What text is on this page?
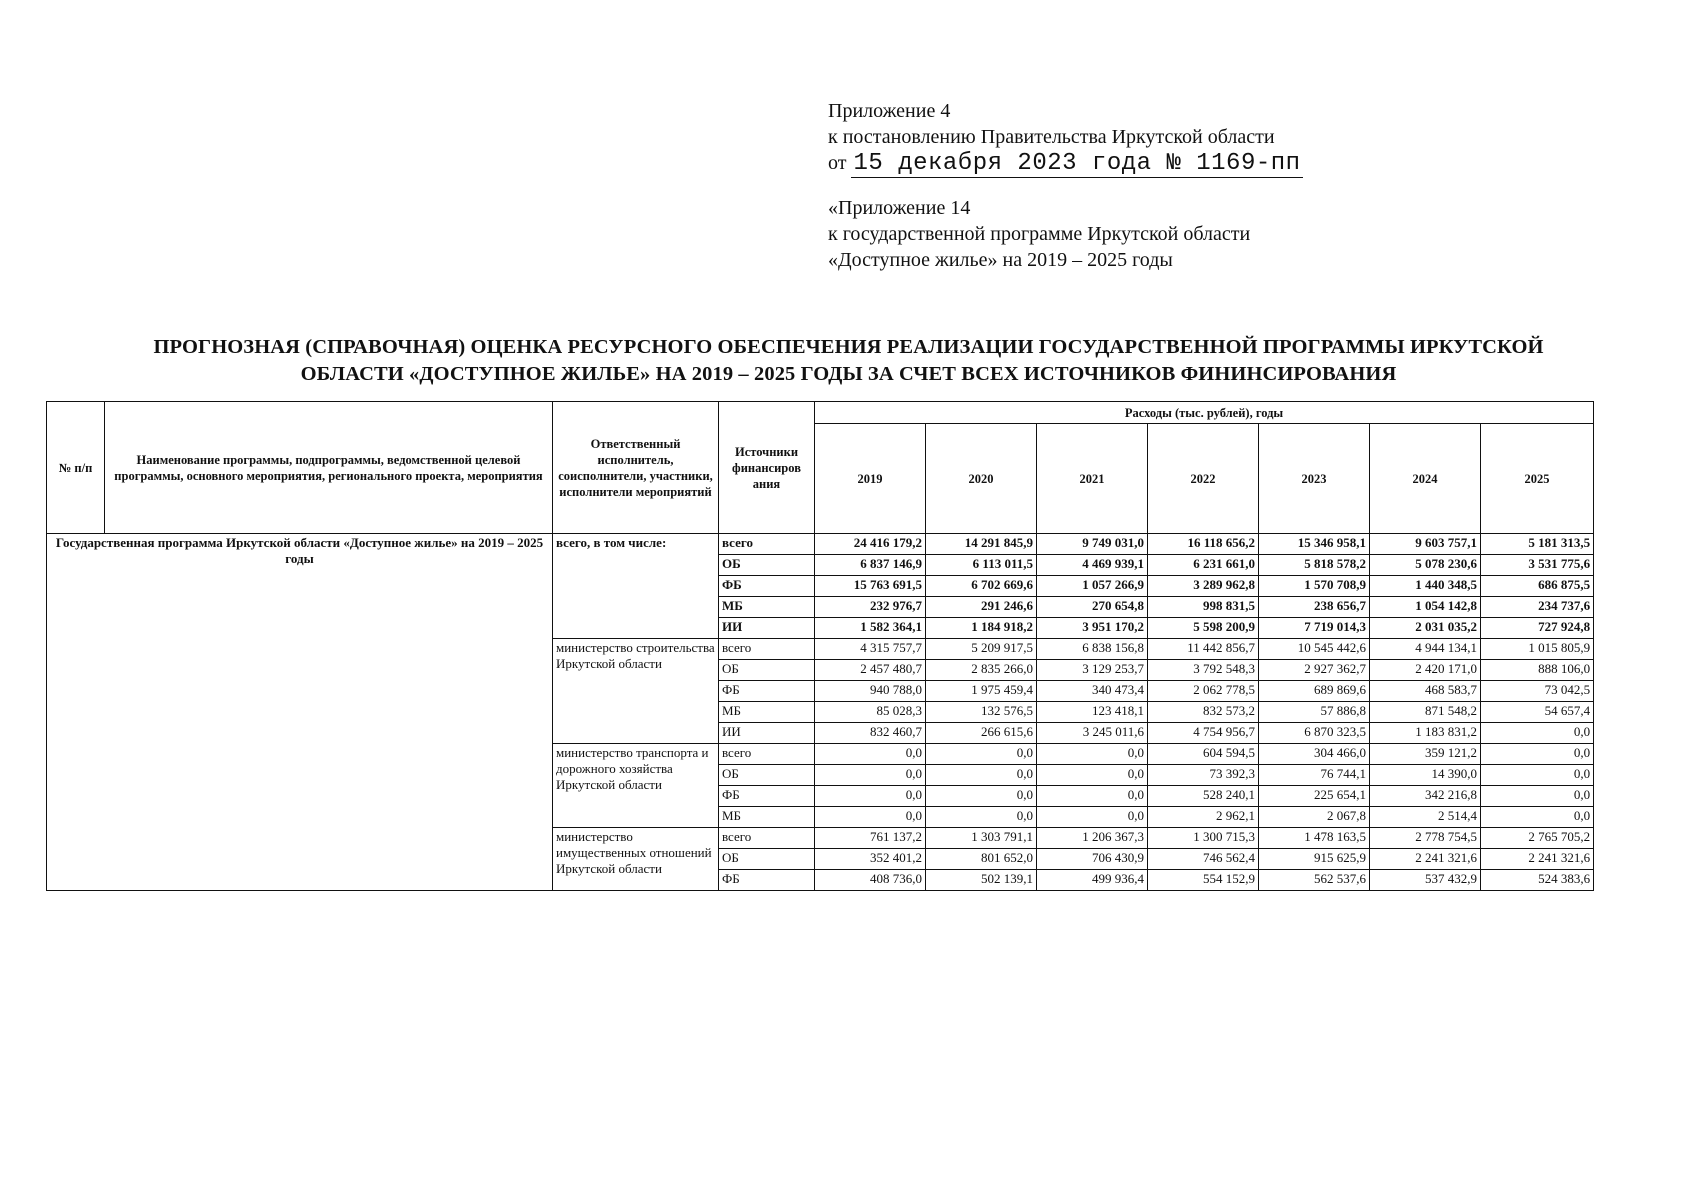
Приложение 4
к постановлению Правительства Иркутской области
от 15 декабря 2023 года № 1169-пп
«Приложение 14
к государственной программе Иркутской области
«Доступное жилье» на 2019 – 2025 годы
ПРОГНОЗНАЯ (СПРАВОЧНАЯ) ОЦЕНКА РЕСУРСНОГО ОБЕСПЕЧЕНИЯ РЕАЛИЗАЦИИ ГОСУДАРСТВЕННОЙ ПРОГРАММЫ ИРКУТСКОЙ
ОБЛАСТИ «ДОСТУПНОЕ ЖИЛЬЕ» НА 2019 – 2025 ГОДЫ ЗА СЧЕТ ВСЕХ ИСТОЧНИКОВ ФИНИНСИРОВАНИЯ
№ п/п	Наименование программы, подпрограммы, ведомственной целевой программы, основного мероприятия, регионального проекта, мероприятия	Ответственный исполнитель, соисполнители, участники, исполнители мероприятий	Источники финансиров ания	Расходы (тыс. рублей), годы						
				2019	2020	2021	2022	2023	2024	2025
Государственная программа Иркутской области «Доступное жилье» на 2019 – 2025 годы		всего, в том числе:	всего	24 416 179,2	14 291 845,9	9 749 031,0	16 118 656,2	15 346 958,1	9 603 757,1	5 181 313,5
			ОБ	6 837 146,9	6 113 011,5	4 469 939,1	6 231 661,0	5 818 578,2	5 078 230,6	3 531 775,6
			ФБ	15 763 691,5	6 702 669,6	1 057 266,9	3 289 962,8	1 570 708,9	1 440 348,5	686 875,5
			МБ	232 976,7	291 246,6	270 654,8	998 831,5	238 656,7	1 054 142,8	234 737,6
			ИИ	1 582 364,1	1 184 918,2	3 951 170,2	5 598 200,9	7 719 014,3	2 031 035,2	727 924,8
		министерство строительства Иркутской области	всего	4 315 757,7	5 209 917,5	6 838 156,8	11 442 856,7	10 545 442,6	4 944 134,1	1 015 805,9
			ОБ	2 457 480,7	2 835 266,0	3 129 253,7	3 792 548,3	2 927 362,7	2 420 171,0	888 106,0
			ФБ	940 788,0	1 975 459,4	340 473,4	2 062 778,5	689 869,6	468 583,7	73 042,5
			МБ	85 028,3	132 576,5	123 418,1	832 573,2	57 886,8	871 548,2	54 657,4
			ИИ	832 460,7	266 615,6	3 245 011,6	4 754 956,7	6 870 323,5	1 183 831,2	0,0
		министерство транспорта и дорожного хозяйства Иркутской области	всего	0,0	0,0	0,0	604 594,5	304 466,0	359 121,2	0,0
			ОБ	0,0	0,0	0,0	73 392,3	76 744,1	14 390,0	0,0
			ФБ	0,0	0,0	0,0	528 240,1	225 654,1	342 216,8	0,0
			МБ	0,0	0,0	0,0	2 962,1	2 067,8	2 514,4	0,0
		министерство имущественных отношений Иркутской области	всего	761 137,2	1 303 791,1	1 206 367,3	1 300 715,3	1 478 163,5	2 778 754,5	2 765 705,2
			ОБ	352 401,2	801 652,0	706 430,9	746 562,4	915 625,9	2 241 321,6	2 241 321,6
			ФБ	408 736,0	502 139,1	499 936,4	554 152,9	562 537,6	537 432,9	524 383,6
